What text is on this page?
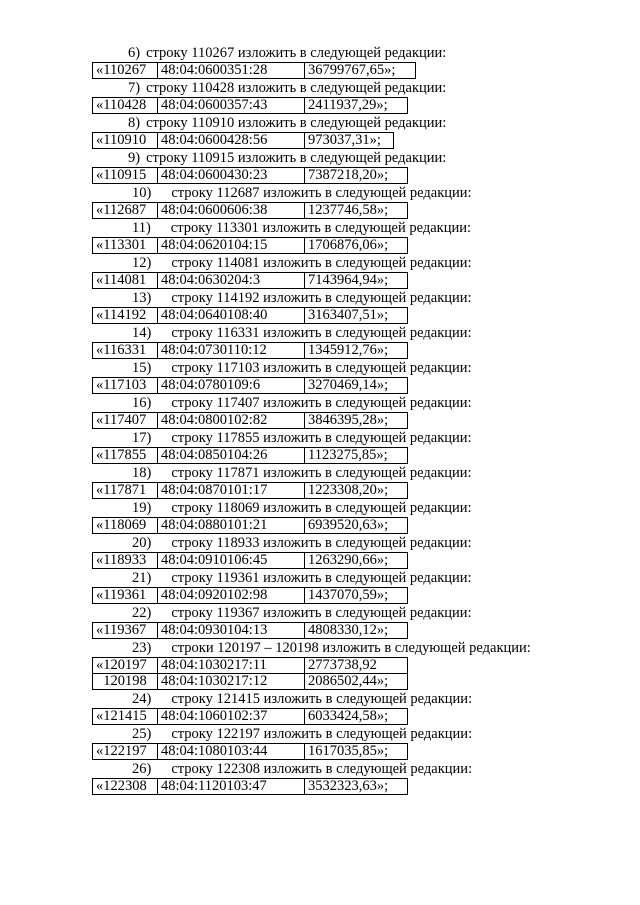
6) строку 110267 изложить в следующей редакции:
«110267	48:04:0600351:28	36799767,65»;
7) строку 110428 изложить в следующей редакции:
«110428	48:04:0600357:43	2411937,29»;
8) строку 110910 изложить в следующей редакции:
«110910	48:04:0600428:56	973037,31»;
9) строку 110915 изложить в следующей редакции:
«110915	48:04:0600430:23	7387218,20»;
10) строку 112687 изложить в следующей редакции:
«112687	48:04:0600606:38	1237746,58»;
11) строку 113301 изложить в следующей редакции:
«113301	48:04:0620104:15	1706876,06»;
12) строку 114081 изложить в следующей редакции:
«114081	48:04:0630204:3	7143964,94»;
13) строку 114192 изложить в следующей редакции:
«114192	48:04:0640108:40	3163407,51»;
14) строку 116331 изложить в следующей редакции:
«116331	48:04:0730110:12	1345912,76»;
15) строку 117103 изложить в следующей редакции:
«117103	48:04:0780109:6	3270469,14»;
16) строку 117407 изложить в следующей редакции:
«117407	48:04:0800102:82	3846395,28»;
17) строку 117855 изложить в следующей редакции:
«117855	48:04:0850104:26	1123275,85»;
18) строку 117871 изложить в следующей редакции:
«117871	48:04:0870101:17	1223308,20»;
19) строку 118069 изложить в следующей редакции:
«118069	48:04:0880101:21	6939520,63»;
20) строку 118933 изложить в следующей редакции:
«118933	48:04:0910106:45	1263290,66»;
21) строку 119361 изложить в следующей редакции:
«119361	48:04:0920102:98	1437070,59»;
22) строку 119367 изложить в следующей редакции:
«119367	48:04:0930104:13	4808330,12»;
23) строки 120197 – 120198 изложить в следующей редакции:
«120197	48:04:1030217:11	2773738,92
120198	48:04:1030217:12	2086502,44»;
24) строку 121415 изложить в следующей редакции:
«121415	48:04:1060102:37	6033424,58»;
25) строку 122197 изложить в следующей редакции:
«122197	48:04:1080103:44	1617035,85»;
26) строку 122308 изложить в следующей редакции:
«122308	48:04:1120103:47	3532323,63»;
